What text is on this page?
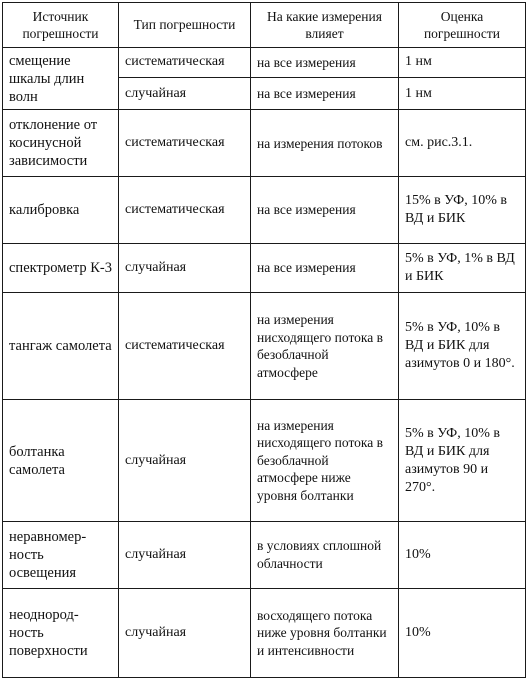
Источник погрешности	Тип погрешности	На какие измерения влияет	Оценка погрешности
смещение шкалы длин волн	систематическая	на все измерения	1 нм
	случайная	на все измерения	1 нм
отклонение от косинусной зависимости	систематическая	на измерения потоков	см. рис.3.1.
калибровка	систематическая	на все измерения	15% в УФ, 10% в ВД и БИК
спектрометр К-3	случайная	на все измерения	5% в УФ, 1% в ВД и БИК
тангаж самолета	систематическая	на измерения нисходящего потока в безоблачной атмосфере	5% в УФ, 10% в ВД и БИК для азимутов 0 и 180°.
болтанка самолета	случайная	на измерения нисходящего потока в безоблачной атмосфере ниже уровня болтанки	5% в УФ, 10% в ВД и БИК для азимутов 90 и 270°.
неравномер-ность освещения	случайная	в условиях сплошной облачности	10%
неоднород-ность поверхности	случайная	восходящего потока ниже уровня болтанки и интенсивности	10%
